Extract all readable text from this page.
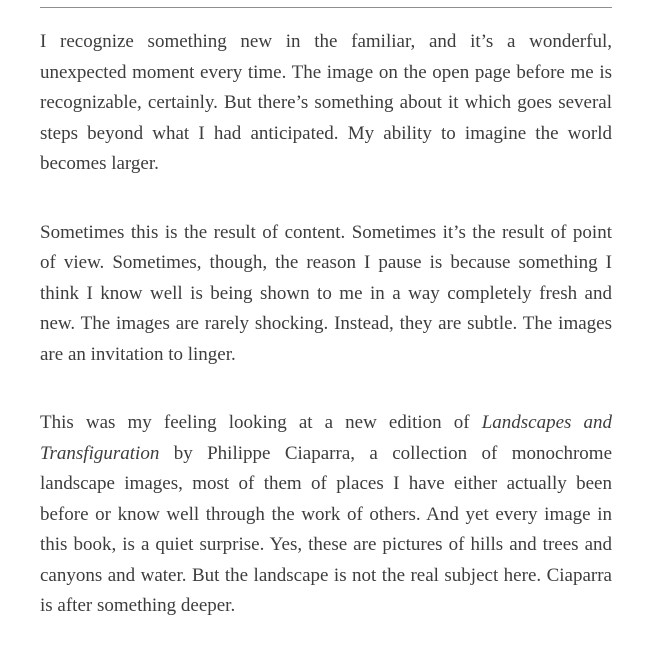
I recognize something new in the familiar, and it’s a wonderful, unexpected moment every time. The image on the open page before me is recognizable, certainly. But there’s something about it which goes several steps beyond what I had anticipated. My ability to imagine the world becomes larger.

Sometimes this is the result of content. Sometimes it’s the result of point of view. Sometimes, though, the reason I pause is because something I think I know well is being shown to me in a way completely fresh and new. The images are rarely shocking. Instead, they are subtle. The images are an invitation to linger.

This was my feeling looking at a new edition of Landscapes and Transfiguration by Philippe Ciaparra, a collection of monochrome landscape images, most of them of places I have either actually been before or know well through the work of others. And yet every image in this book, is a quiet surprise. Yes, these are pictures of hills and trees and canyons and water. But the landscape is not the real subject here. Ciaparra is after something deeper.
